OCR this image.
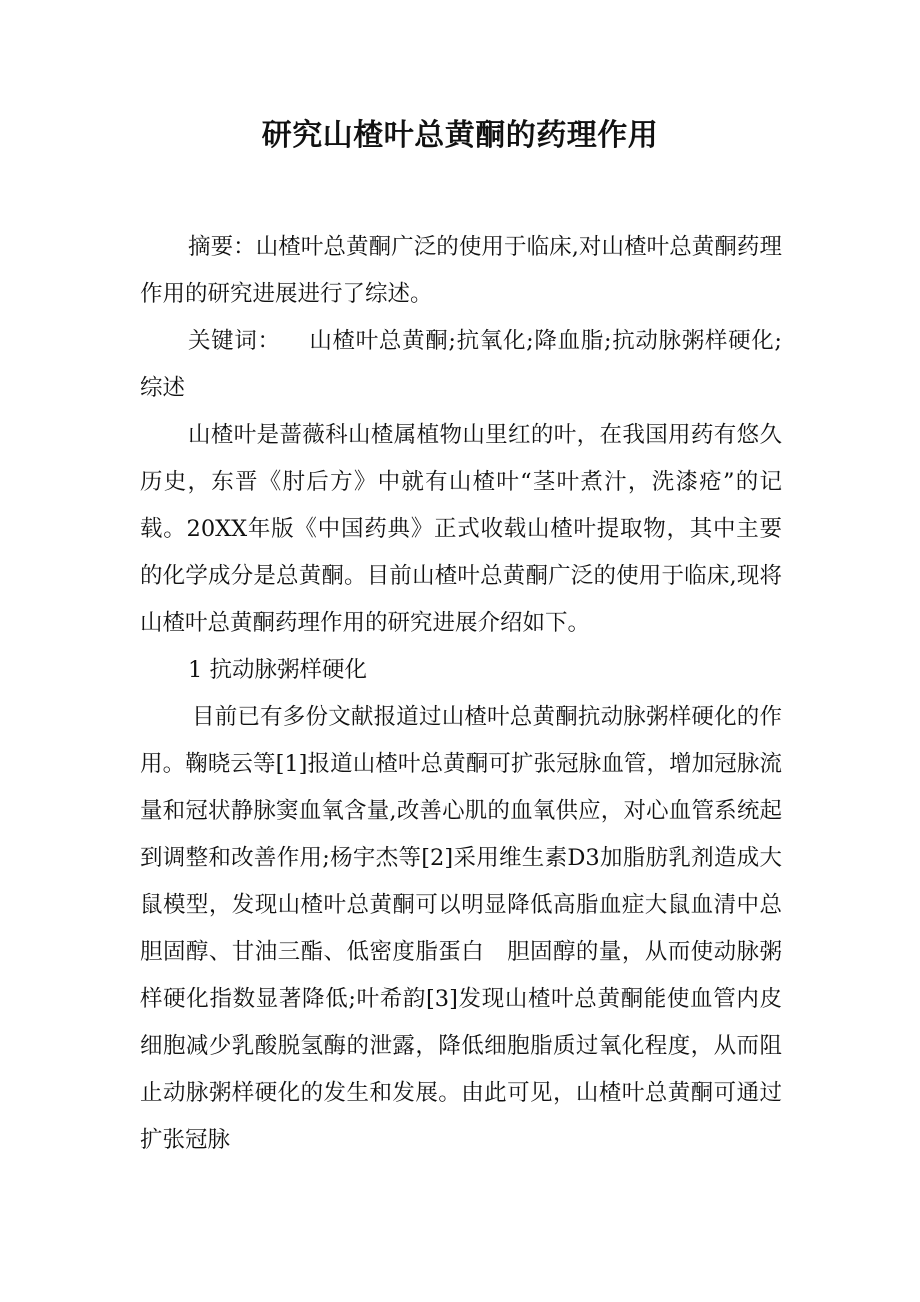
研究山楂叶总黄酮的药理作用

摘要：山楂叶总黄酮广泛的使用于临床,对山楂叶总黄酮药理作用的研究进展进行了综述。

关键词： 山楂叶总黄酮;抗氧化;降血脂;抗动脉粥样硬化;综述

山楂叶是蔷薇科山楂属植物山里红的叶，在我国用药有悠久历史，东晋《肘后方》中就有山楂叶“茎叶煮汁，洗漆疮”的记载。20XX年版《中国药典》正式收载山楂叶提取物，其中主要的化学成分是总黄酮。目前山楂叶总黄酮广泛的使用于临床,现将山楂叶总黄酮药理作用的研究进展介绍如下。

1 抗动脉粥样硬化

目前已有多份文献报道过山楂叶总黄酮抗动脉粥样硬化的作用。鞠晓云等[1]报道山楂叶总黄酮可扩张冠脉血管，增加冠脉流量和冠状静脉窦血氧含量,改善心肌的血氧供应，对心血管系统起到调整和改善作用;杨宇杰等[2]采用维生素D3加脂肪乳剂造成大鼠模型，发现山楂叶总黄酮可以明显降低高脂血症大鼠血清中总胆固醇、甘油三酯、低密度脂蛋白　胆固醇的量，从而使动脉粥样硬化指数显著降低;叶希韵[3]发现山楂叶总黄酮能使血管内皮细胞减少乳酸脱氢酶的泄露，降低细胞脂质过氧化程度，从而阻止动脉粥样硬化的发生和发展。由此可见，山楂叶总黄酮可通过扩张冠脉
